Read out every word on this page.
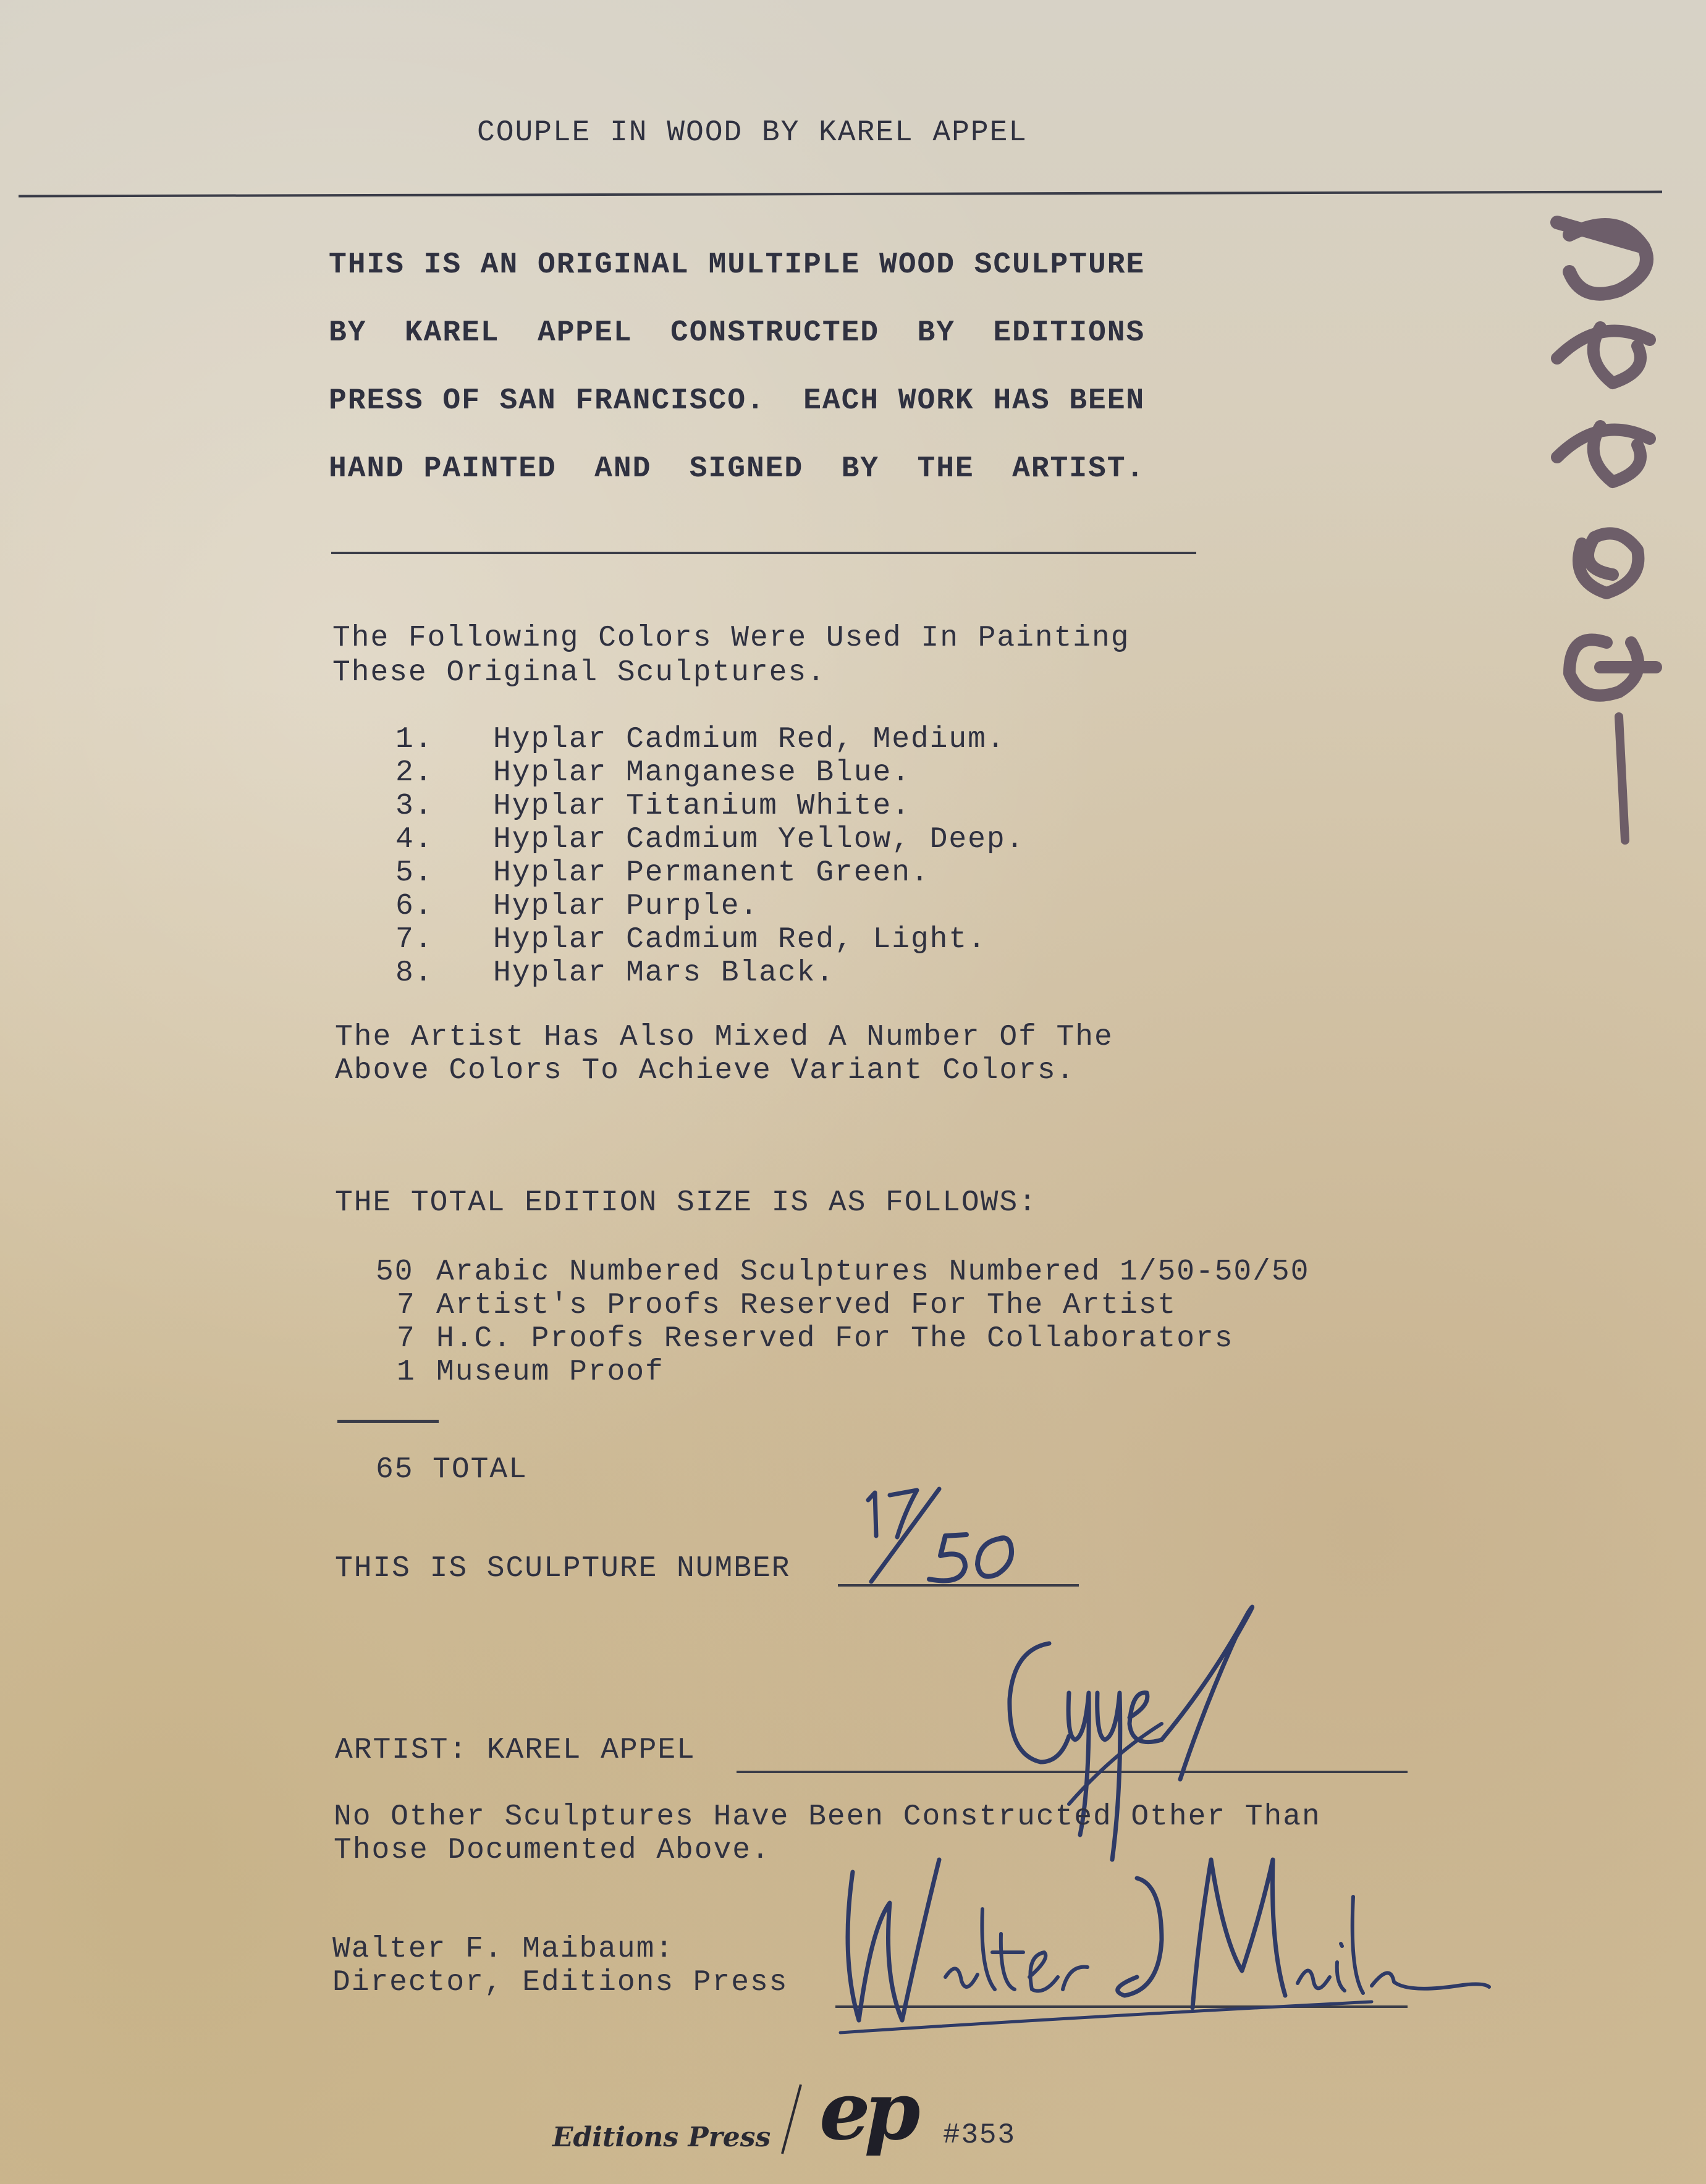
COUPLE IN WOOD BY KAREL APPEL
THIS IS AN ORIGINAL MULTIPLE WOOD SCULPTURE
BY  KAREL  APPEL  CONSTRUCTED  BY  EDITIONS
PRESS OF SAN FRANCISCO.  EACH WORK HAS BEEN
HAND PAINTED  AND  SIGNED  BY  THE  ARTIST.
The Following Colors Were Used In Painting
These Original Sculptures.
1. Hyplar Cadmium Red, Medium.
2. Hyplar Manganese Blue.
3. Hyplar Titanium White.
4. Hyplar Cadmium Yellow, Deep.
5. Hyplar Permanent Green.
6. Hyplar Purple.
7. Hyplar Cadmium Red, Light.
8. Hyplar Mars Black.
The Artist Has Also Mixed A Number Of The
Above Colors To Achieve Variant Colors.
THE TOTAL EDITION SIZE IS AS FOLLOWS:
50 Arabic Numbered Sculptures Numbered 1/50-50/50
7 Artist's Proofs Reserved For The Artist
7 H.C. Proofs Reserved For The Collaborators
1 Museum Proof
65 TOTAL
THIS IS SCULPTURE NUMBER
ARTIST: KAREL APPEL
No Other Sculptures Have Been Constructed Other Than
Those Documented Above.
Walter F. Maibaum:
Director, Editions Press
Editions Press ep #353
